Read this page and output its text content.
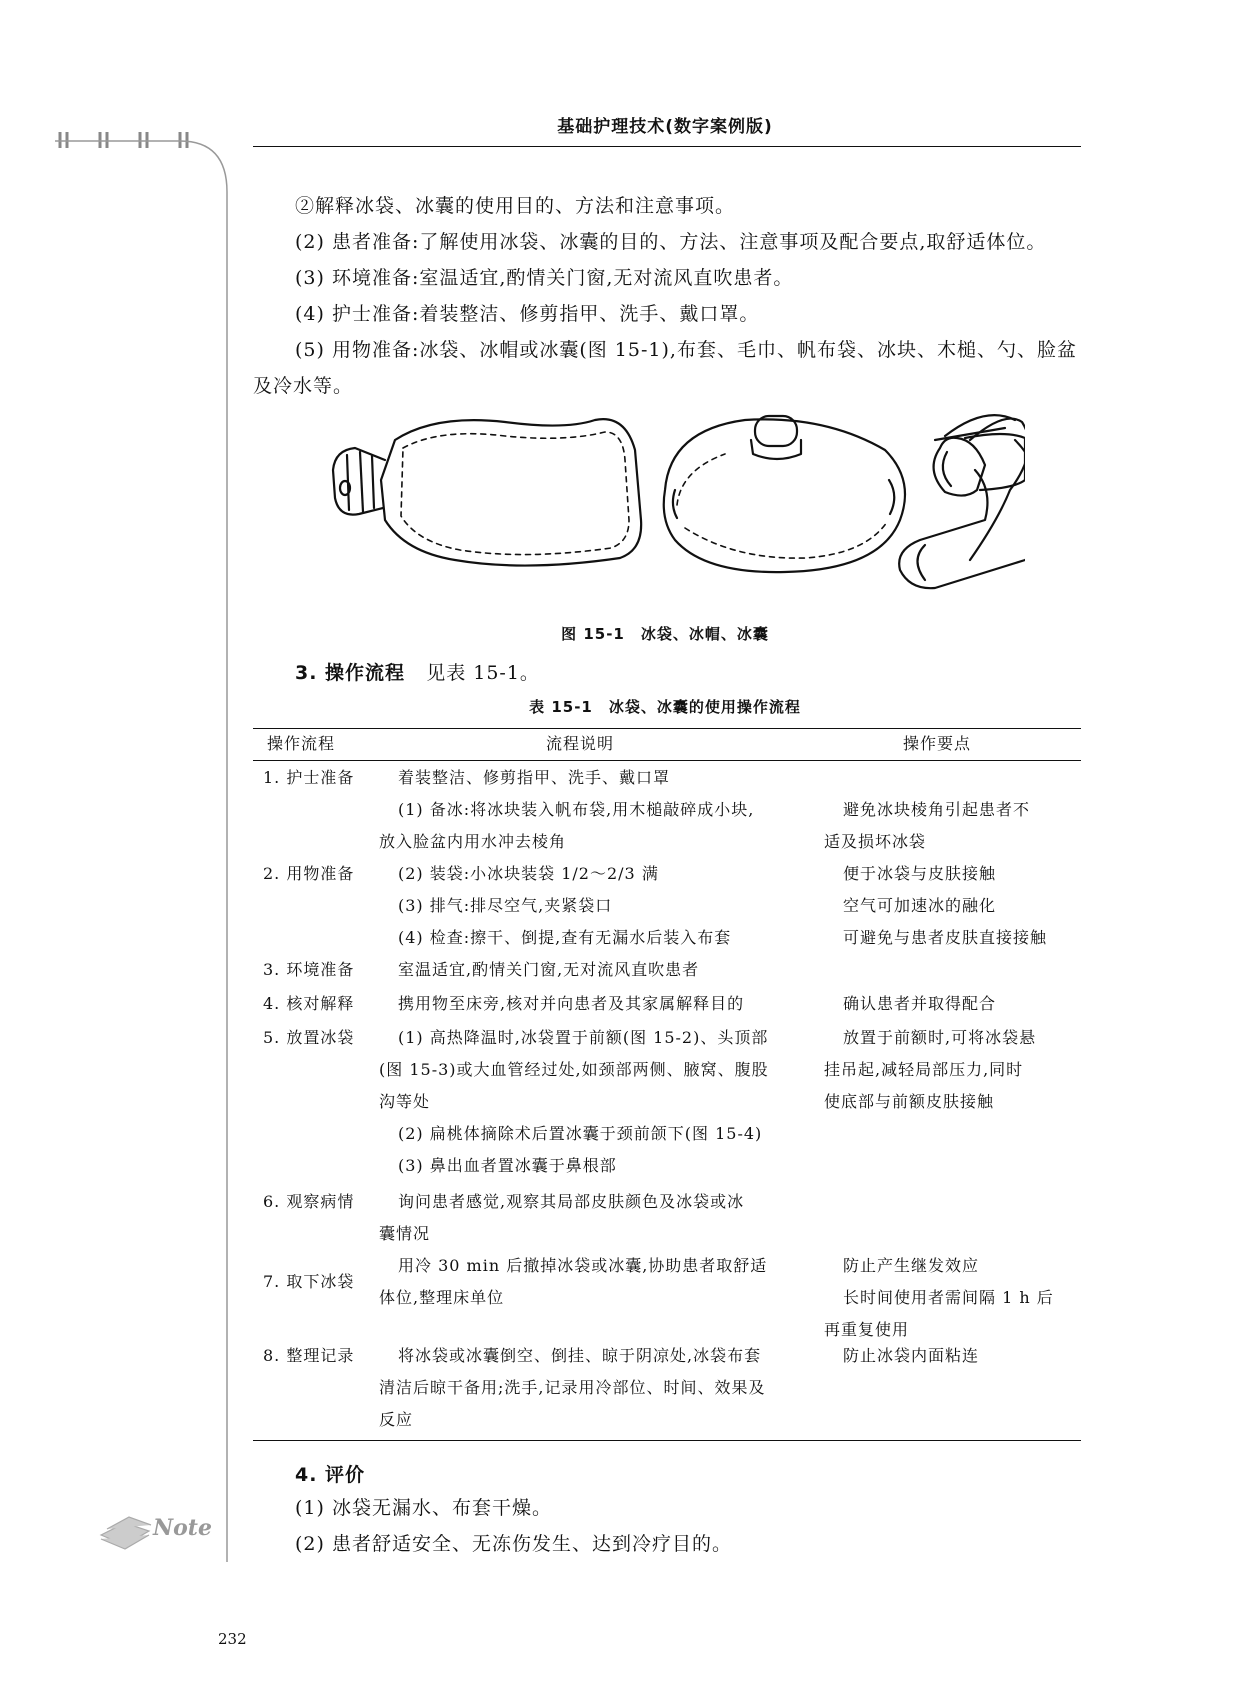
基础护理技术(数字案例版)
②解释冰袋、冰囊的使用目的、方法和注意事项。
(2) 患者准备:了解使用冰袋、冰囊的目的、方法、注意事项及配合要点,取舒适体位。
(3) 环境准备:室温适宜,酌情关门窗,无对流风直吹患者。
(4) 护士准备:着装整洁、修剪指甲、洗手、戴口罩。
(5) 用物准备:冰袋、冰帽或冰囊(图 15-1),布套、毛巾、帆布袋、冰块、木槌、勺、脸盆
及冷水等。
图 15-1　冰袋、冰帽、冰囊
3. 操作流程 见表 15-1。
表 15-1　冰袋、冰囊的使用操作流程
操作流程	流程说明	操作要点
1. 护士准备
2. 用物准备
3. 环境准备
4. 核对解释
5. 放置冰袋
6. 观察病情
7. 取下冰袋
8. 整理记录
着装整洁、修剪指甲、洗手、戴口罩
(1) 备冰:将冰块装入帆布袋,用木槌敲碎成小块,
放入脸盆内用水冲去棱角
(2) 装袋:小冰块装袋 1/2～2/3 满
(3) 排气:排尽空气,夹紧袋口
(4) 检查:擦干、倒提,查有无漏水后装入布套
室温适宜,酌情关门窗,无对流风直吹患者
携用物至床旁,核对并向患者及其家属解释目的
(1) 高热降温时,冰袋置于前额(图 15-2)、头顶部
(图 15-3)或大血管经过处,如颈部两侧、腋窝、腹股
沟等处
(2) 扁桃体摘除术后置冰囊于颈前颌下(图 15-4)
(3) 鼻出血者置冰囊于鼻根部
询问患者感觉,观察其局部皮肤颜色及冰袋或冰
囊情况
用冷 30 min 后撤掉冰袋或冰囊,协助患者取舒适
体位,整理床单位
将冰袋或冰囊倒空、倒挂、晾于阴凉处,冰袋布套
清洁后晾干备用;洗手,记录用冷部位、时间、效果及
反应
避免冰块棱角引起患者不
适及损坏冰袋
便于冰袋与皮肤接触
空气可加速冰的融化
可避免与患者皮肤直接接触
确认患者并取得配合
放置于前额时,可将冰袋悬
挂吊起,减轻局部压力,同时
使底部与前额皮肤接触
防止产生继发效应
长时间使用者需间隔 1 h 后
再重复使用
防止冰袋内面粘连
4. 评价
(1) 冰袋无漏水、布套干燥。
(2) 患者舒适安全、无冻伤发生、达到冷疗目的。
Note
232
